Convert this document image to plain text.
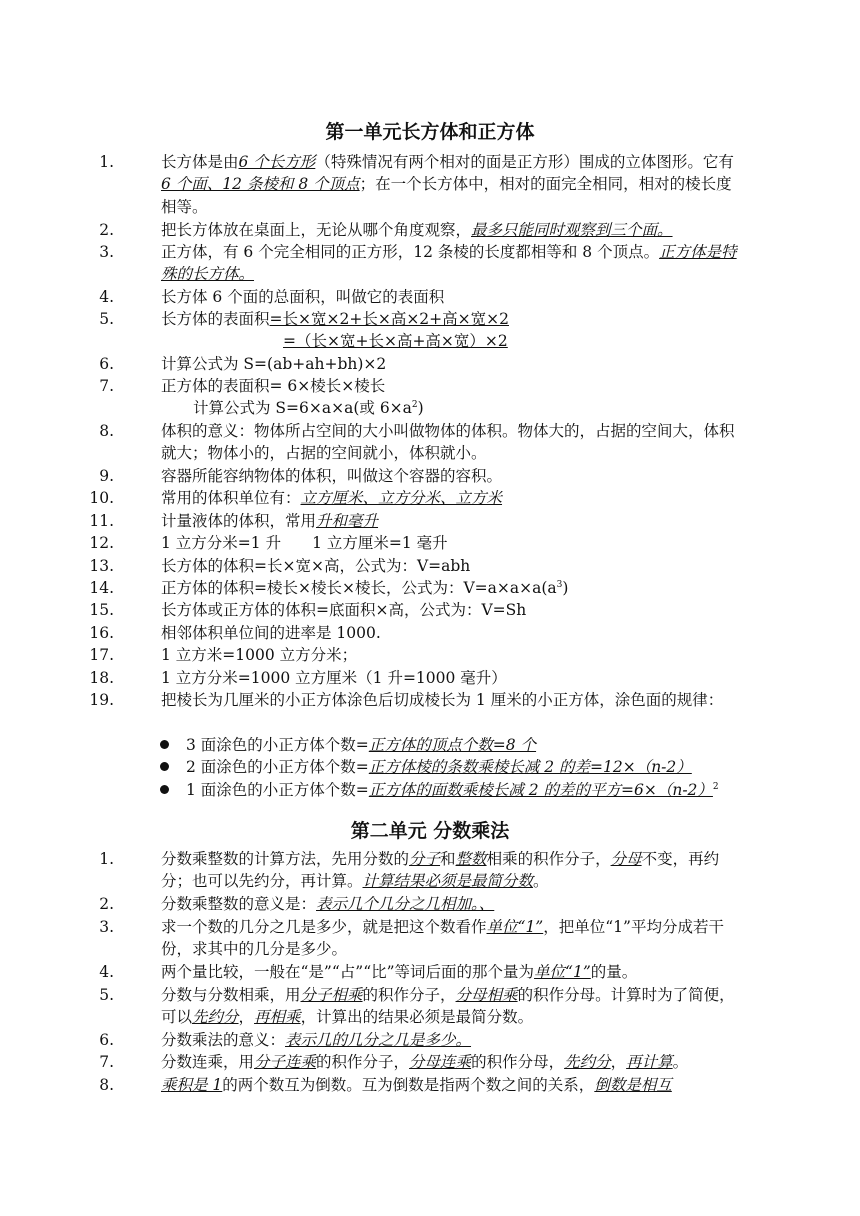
第一单元长方体和正方体
1.	长方体是由6 个长方形（特殊情况有两个相对的面是正方形）围成的立体图形。它有6 个面、12 条棱和 8 个顶点；在一个长方体中，相对的面完全相同，相对的棱长度相等。
2.	把长方体放在桌面上，无论从哪个角度观察，最多只能同时观察到三个面。
3.	正方体，有 6 个完全相同的正方形，12 条棱的长度都相等和 8 个顶点。正方体是特殊的长方体。
4.	长方体 6 个面的总面积，叫做它的表面积
5.	长方体的表面积=长×宽×2+长×高×2+高×宽×2
6.	计算公式为 S=(ab+ah+bh)×2
7.	正方体的表面积= 6×棱长×棱长
8.	体积的意义：物体所占空间的大小叫做物体的体积。物体大的，占据的空间大，体积就大；物体小的，占据的空间就小，体积就小。
9.	容器所能容纳物体的体积，叫做这个容器的容积。
10.	常用的体积单位有：立方厘米、立方分米、立方米
11.	计量液体的体积，常用升和毫升
12.	1 立方分米=1 升　　1 立方厘米=1 毫升
13.	长方体的体积=长×宽×高，公式为：V=abh
14.	正方体的体积=棱长×棱长×棱长，公式为：$V=a\times a\times a(a^3)$
15.	长方体或正方体的体积=底面积×高，公式为：V=Sh
16.	相邻体积单位间的进率是 1000.
17.	1 立方米=1000 立方分米；
18.	1 立方分米=1000 立方厘米（1 升=1000 毫升）
19.	把棱长为几厘米的小正方体涂色后切成棱长为 1 厘米的小正方体，涂色面的规律：
=（长×宽+长×高+高×宽）×2
计算公式为 S=6×a×a(或 $6\times a^2$)
3 面涂色的小正方体个数=正方体的顶点个数=8 个
2 面涂色的小正方体个数=正方体棱的条数乘棱长减 2 的差=12×（n-2）
1 面涂色的小正方体个数=正方体的面数乘棱长减 2 的差的平方$=6\times(n-2)^2$
第二单元 分数乘法
1.	分数乘整数的计算方法，先用分数的分子和整数相乘的积作分子，分母不变，再约分；也可以先约分，再计算。计算结果必须是最简分数。
2.	分数乘整数的意义是：表示几个几分之几相加。、
3.	求一个数的几分之几是多少，就是把这个数看作单位“1”，把单位“1”平均分成若干份，求其中的几分是多少。
4.	两个量比较，一般在“是”“占”“比”等词后面的那个量为单位“1”的量。
5.	分数与分数相乘，用分子相乘的积作分子，分母相乘的积作分母。计算时为了简便，可以先约分，再相乘，计算出的结果必须是最简分数。
6.	分数乘法的意义：表示几的几分之几是多少。
7.	分数连乘，用分子连乘的积作分子，分母连乘的积作分母，先约分，再计算。
8.	乘积是 1的两个数互为倒数。互为倒数是指两个数之间的关系，倒数是相互
